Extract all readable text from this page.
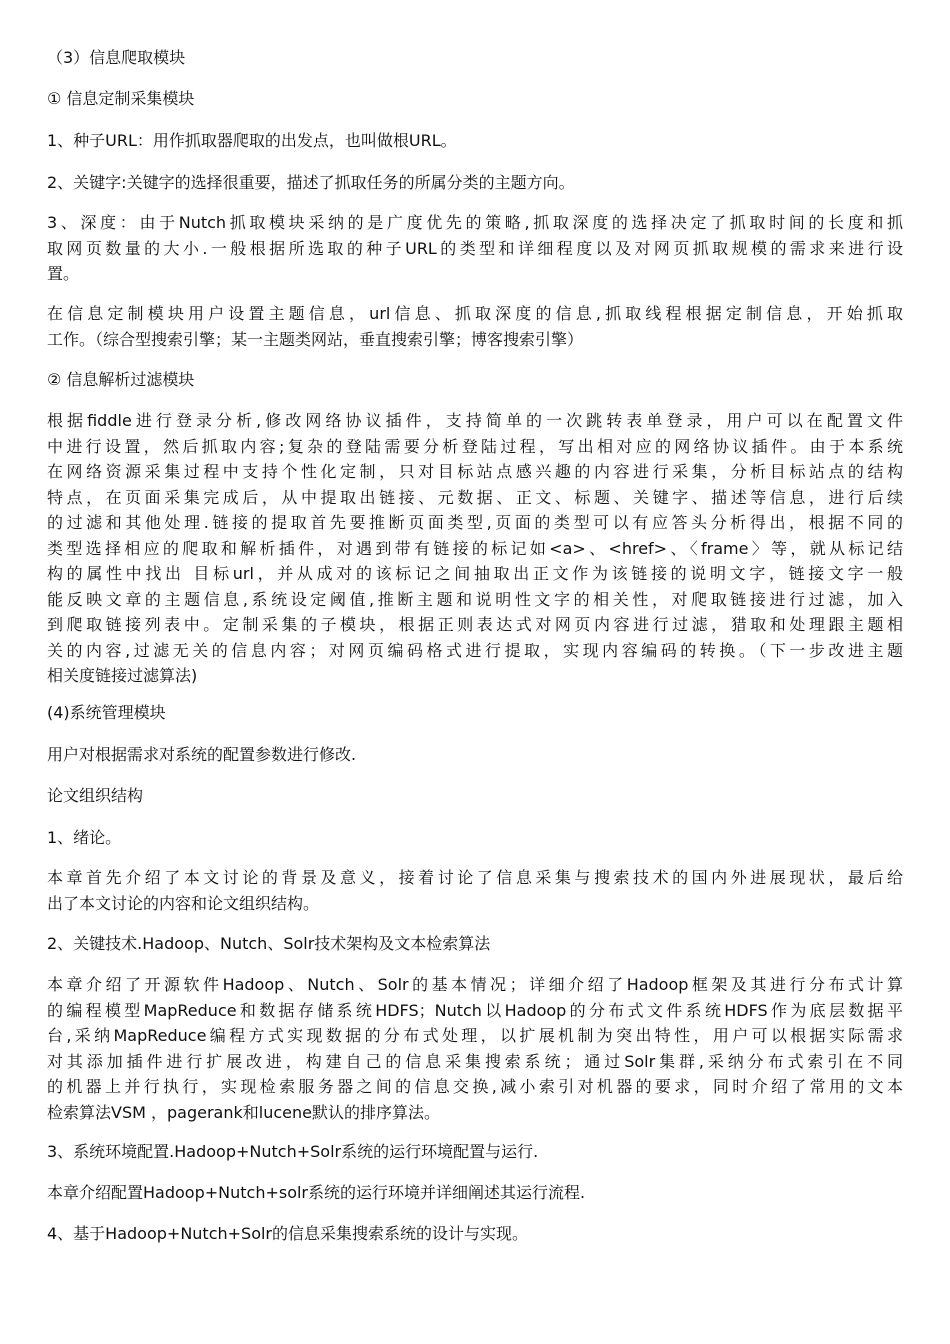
（3）信息爬取模块
① 信息定制采集模块
1、种子URL：用作抓取器爬取的出发点，也叫做根URL。
2、关键字:关键字的选择很重要，描述了抓取任务的所属分类的主题方向。
3、深度：由于Nutch抓取模块采纳的是广度优先的策略,抓取深度的选择决定了抓取时间的长度和抓
取网页数量的大小.一般根据所选取的种子URL的类型和详细程度以及对网页抓取规模的需求来进行设
置。
在信息定制模块用户设置主题信息，url信息、抓取深度的信息,抓取线程根据定制信息，开始抓取
工作。（综合型搜索引擎；某一主题类网站，垂直搜索引擎；博客搜索引擎）
② 信息解析过滤模块
根据fiddle进行登录分析,修改网络协议插件，支持简单的一次跳转表单登录，用户可以在配置文件
中进行设置，然后抓取内容;复杂的登陆需要分析登陆过程，写出相对应的网络协议插件。由于本系统
在网络资源采集过程中支持个性化定制，只对目标站点感兴趣的内容进行采集，分析目标站点的结构
特点，在页面采集完成后，从中提取出链接、元数据、正文、标题、关键字、描述等信息，进行后续
的过滤和其他处理.链接的提取首先要推断页面类型,页面的类型可以有应答头分析得出，根据不同的
类型选择相应的爬取和解析插件，对遇到带有链接的标记如<a>、<href>、〈frame〉等，就从标记结
构的属性中找出 目标url，并从成对的该标记之间抽取出正文作为该链接的说明文字，链接文字一般
能反映文章的主题信息,系统设定阈值,推断主题和说明性文字的相关性，对爬取链接进行过滤，加入
到爬取链接列表中。定制采集的子模块，根据正则表达式对网页内容进行过滤，猎取和处理跟主题相
关的内容,过滤无关的信息内容；对网页编码格式进行提取，实现内容编码的转换。（下一步改进主题
相关度链接过滤算法)
(4)系统管理模块
用户对根据需求对系统的配置参数进行修改.
论文组织结构
1、绪论。
本章首先介绍了本文讨论的背景及意义，接着讨论了信息采集与搜索技术的国内外进展现状，最后给
出了本文讨论的内容和论文组织结构。
2、关键技术.Hadoop、Nutch、Solr技术架构及文本检索算法
本章介绍了开源软件Hadoop、Nutch、Solr的基本情况；详细介绍了Hadoop框架及其进行分布式计算
的编程模型MapReduce和数据存储系统HDFS；Nutch以Hadoop的分布式文件系统HDFS作为底层数据平
台,采纳MapReduce编程方式实现数据的分布式处理，以扩展机制为突出特性，用户可以根据实际需求
对其添加插件进行扩展改进，构建自己的信息采集搜索系统；通过Solr集群,采纳分布式索引在不同
的机器上并行执行，实现检索服务器之间的信息交换,减小索引对机器的要求，同时介绍了常用的文本
检索算法VSM ，pagerank和lucene默认的排序算法。
3、系统环境配置.Hadoop+Nutch+Solr系统的运行环境配置与运行.
本章介绍配置Hadoop+Nutch+solr系统的运行环境并详细阐述其运行流程.
4、基于Hadoop+Nutch+Solr的信息采集搜索系统的设计与实现。
